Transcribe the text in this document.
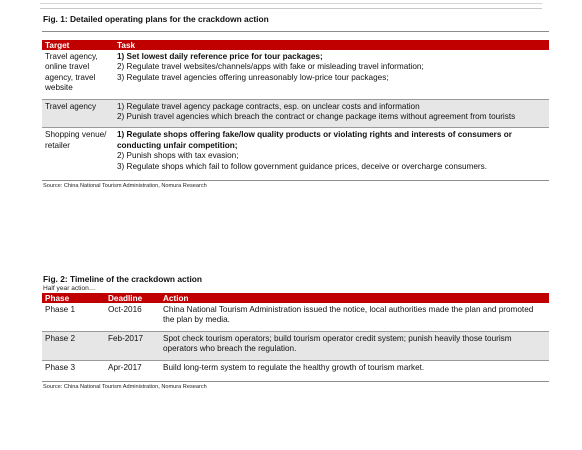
Fig. 1: Detailed operating plans for the crackdown action
Target	Task
Travel agency, online travel agency, travel website	1) Set lowest daily reference price for tour packages;
2) Regulate travel websites/channels/apps with fake or misleading travel information;
3) Regulate travel agencies offering unreasonably low-price tour packages;

Travel agency	1) Regulate travel agency package contracts, esp. on unclear costs and information
2) Punish travel agencies which breach the contract or change package items without agreement from tourists

Shopping venue/ retailer	1) Regulate shops offering fake/low quality products or violating rights and interests of consumers or conducting unfair competition;
2) Punish shops with tax evasion;
3) Regulate shops which fail to follow government guidance prices, deceive or overcharge consumers.
Source: China National Tourism Administration, Nomura Research
Fig. 2: Timeline of the crackdown action
Half year action…
Phase	Deadline	Action
Phase 1	Oct-2016	China National Tourism Administration issued the notice, local authorities made the plan and promoted the plan by media.
Phase 2	Feb-2017	Spot check tourism operators; build tourism operator credit system; punish heavily those tourism operators who breach the regulation.
Phase 3	Apr-2017	Build long-term system to regulate the healthy growth of tourism market.
Source: China National Tourism Administration, Nomura Research
